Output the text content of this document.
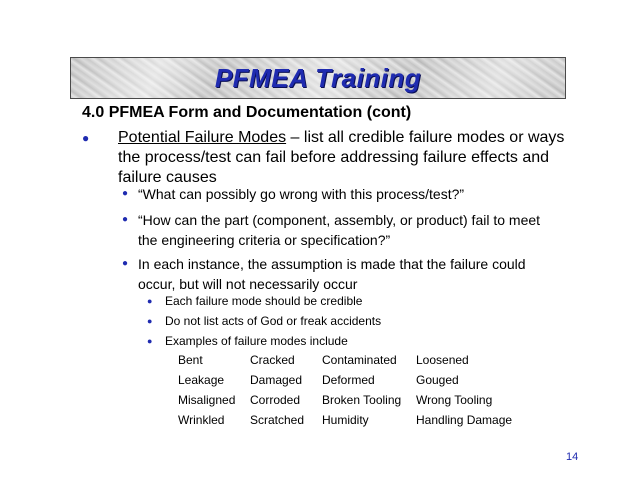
PFMEA Training
4.0 PFMEA Form and Documentation (cont)
● Potential Failure Modes – list all credible failure modes or ways the process/test can fail before addressing failure effects and failure causes
● “What can possibly go wrong with this process/test?”
● “How can the part (component, assembly, or product) fail to meet the engineering criteria or specification?”
● In each instance, the assumption is made that the failure could occur, but will not necessarily occur
● Each failure mode should be credible
● Do not list acts of God or freak accidents
● Examples of failure modes include
Bent	Cracked	Contaminated	Loosened
Leakage	Damaged	Deformed	Gouged
Misaligned	Corroded	Broken Tooling	Wrong Tooling
Wrinkled	Scratched	Humidity	Handling Damage
14
